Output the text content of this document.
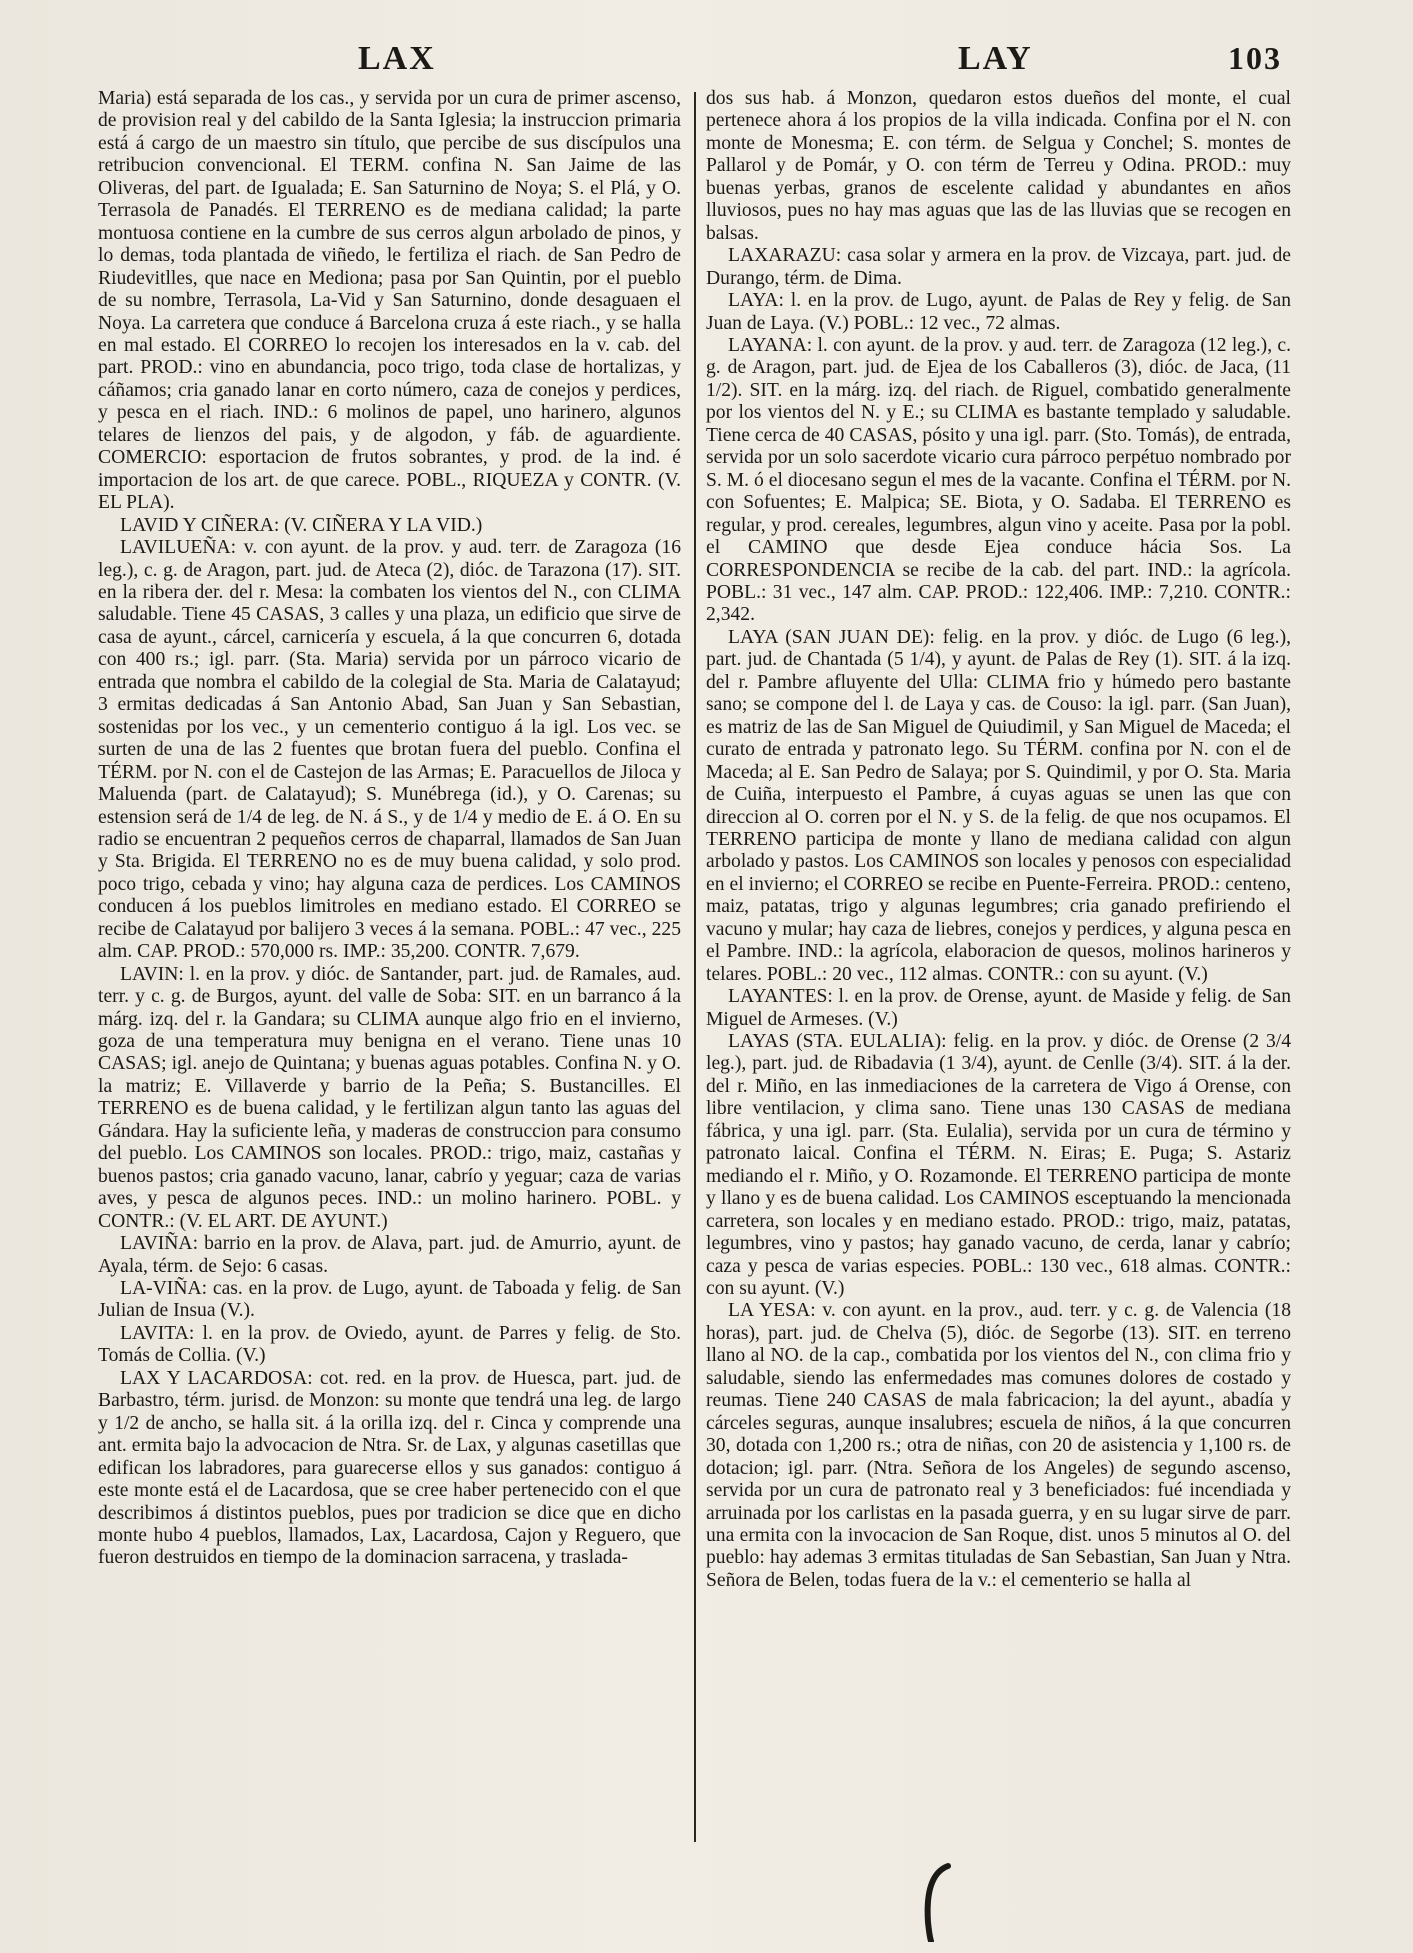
LAX	LAY	103

Maria) está separada de los cas., y servida por un cura de primer ascenso, de provision real y del cabildo de la Santa Iglesia; la instruccion primaria está á cargo de un maestro sin título, que percibe de sus discípulos una retribucion convencional. El TERM. confina N. San Jaime de las Oliveras, del part. de Igualada; E. San Saturnino de Noya; S. el Plá, y O. Terrasola de Panadés. El TERRENO es de mediana calidad; la parte montuosa contiene en la cumbre de sus cerros algun arbolado de pinos, y lo demas, toda plantada de viñedo, le fertiliza el riach. de San Pedro de Riudevitlles, que nace en Mediona; pasa por San Quintin, por el pueblo de su nombre, Terrasola, La-Vid y San Saturnino, donde desaguaen el Noya. La carretera que conduce á Barcelona cruza á este riach., y se halla en mal estado. El CORREO lo recojen los interesados en la v. cab. del part. PROD.: vino en abundancia, poco trigo, toda clase de hortalizas, y cáñamos; cria ganado lanar en corto número, caza de conejos y perdices, y pesca en el riach. IND.: 6 molinos de papel, uno harinero, algunos telares de lienzos del pais, y de algodon, y fáb. de aguardiente. COMERCIO: esportacion de frutos sobrantes, y prod. de la ind. é importacion de los art. de que carece. POBL., RIQUEZA y CONTR. (V. EL PLA).

LAVID Y CIÑERA: (V. CIÑERA Y LA VID.)

LAVILUEÑA: v. con ayunt. de la prov. y aud. terr. de Zaragoza (16 leg.), c. g. de Aragon, part. jud. de Ateca (2), dióc. de Tarazona (17). SIT. en la ribera der. del r. Mesa: la combaten los vientos del N., con CLIMA saludable. Tiene 45 CASAS, 3 calles y una plaza, un edificio que sirve de casa de ayunt., cárcel, carnicería y escuela, á la que concurren 6, dotada con 400 rs.; igl. parr. (Sta. Maria) servida por un párroco vicario de entrada que nombra el cabildo de la colegial de Sta. Maria de Calatayud; 3 ermitas dedicadas á San Antonio Abad, San Juan y San Sebastian, sostenidas por los vec., y un cementerio contiguo á la igl. Los vec. se surten de una de las 2 fuentes que brotan fuera del pueblo. Confina el TÉRM. por N. con el de Castejon de las Armas; E. Paracuellos de Jiloca y Maluenda (part. de Calatayud); S. Munébrega (id.), y O. Carenas; su estension será de 1/4 de leg. de N. á S., y de 1/4 y medio de E. á O. En su radio se encuentran 2 pequeños cerros de chaparral, llamados de San Juan y Sta. Brigida. El TERRENO no es de muy buena calidad, y solo prod. poco trigo, cebada y vino; hay alguna caza de perdices. Los CAMINOS conducen á los pueblos limitroles en mediano estado. El CORREO se recibe de Calatayud por balijero 3 veces á la semana. POBL.: 47 vec., 225 alm. CAP. PROD.: 570,000 rs. IMP.: 35,200. CONTR. 7,679.

LAVIN: l. en la prov. y dióc. de Santander, part. jud. de Ramales, aud. terr. y c. g. de Burgos, ayunt. del valle de Soba: SIT. en un barranco á la márg. izq. del r. la Gandara; su CLIMA aunque algo frio en el invierno, goza de una temperatura muy benigna en el verano. Tiene unas 10 CASAS; igl. anejo de Quintana; y buenas aguas potables. Confina N. y O. la matriz; E. Villaverde y barrio de la Peña; S. Bustancilles. El TERRENO es de buena calidad, y le fertilizan algun tanto las aguas del Gándara. Hay la suficiente leña, y maderas de construccion para consumo del pueblo. Los CAMINOS son locales. PROD.: trigo, maiz, castañas y buenos pastos; cria ganado vacuno, lanar, cabrío y yeguar; caza de varias aves, y pesca de algunos peces. IND.: un molino harinero. POBL. y CONTR.: (V. EL ART. DE AYUNT.)

LAVIÑA: barrio en la prov. de Alava, part. jud. de Amurrio, ayunt. de Ayala, térm. de Sejo: 6 casas.

LA-VIÑA: cas. en la prov. de Lugo, ayunt. de Taboada y felig. de San Julian de Insua (V.).

LAVITA: l. en la prov. de Oviedo, ayunt. de Parres y felig. de Sto. Tomás de Collia. (V.)

LAX Y LACARDOSA: cot. red. en la prov. de Huesca, part. jud. de Barbastro, térm. jurisd. de Monzon: su monte que tendrá una leg. de largo y 1/2 de ancho, se halla sit. á la orilla izq. del r. Cinca y comprende una ant. ermita bajo la advocacion de Ntra. Sr. de Lax, y algunas casetillas que edifican los labradores, para guarecerse ellos y sus ganados: contiguo á este monte está el de Lacardosa, que se cree haber pertenecido con el que describimos á distintos pueblos, pues por tradicion se dice que en dicho monte hubo 4 pueblos, llamados, Lax, Lacardosa, Cajon y Reguero, que fueron destruidos en tiempo de la dominacion sarracena, y traslada-

dos sus hab. á Monzon, quedaron estos dueños del monte, el cual pertenece ahora á los propios de la villa indicada. Confina por el N. con monte de Monesma; E. con térm. de Selgua y Conchel; S. montes de Pallarol y de Pomár, y O. con térm de Terreu y Odina. PROD.: muy buenas yerbas, granos de escelente calidad y abundantes en años lluviosos, pues no hay mas aguas que las de las lluvias que se recogen en balsas.

LAXARAZU: casa solar y armera en la prov. de Vizcaya, part. jud. de Durango, térm. de Dima.

LAYA: l. en la prov. de Lugo, ayunt. de Palas de Rey y felig. de San Juan de Laya. (V.) POBL.: 12 vec., 72 almas.

LAYANA: l. con ayunt. de la prov. y aud. terr. de Zaragoza (12 leg.), c. g. de Aragon, part. jud. de Ejea de los Caballeros (3), dióc. de Jaca, (11 1/2). SIT. en la márg. izq. del riach. de Riguel, combatido generalmente por los vientos del N. y E.; su CLIMA es bastante templado y saludable. Tiene cerca de 40 CASAS, pósito y una igl. parr. (Sto. Tomás), de entrada, servida por un solo sacerdote vicario cura párroco perpétuo nombrado por S. M. ó el diocesano segun el mes de la vacante. Confina el TÉRM. por N. con Sofuentes; E. Malpica; SE. Biota, y O. Sadaba. El TERRENO es regular, y prod. cereales, legumbres, algun vino y aceite. Pasa por la pobl. el CAMINO que desde Ejea conduce hácia Sos. La CORRESPONDENCIA se recibe de la cab. del part. IND.: la agrícola. POBL.: 31 vec., 147 alm. CAP. PROD.: 122,406. IMP.: 7,210. CONTR.: 2,342.

LAYA (SAN JUAN DE): felig. en la prov. y dióc. de Lugo (6 leg.), part. jud. de Chantada (5 1/4), y ayunt. de Palas de Rey (1). SIT. á la izq. del r. Pambre afluyente del Ulla: CLIMA frio y húmedo pero bastante sano; se compone del l. de Laya y cas. de Couso: la igl. parr. (San Juan), es matriz de las de San Miguel de Quiudimil, y San Miguel de Maceda; el curato de entrada y patronato lego. Su TÉRM. confina por N. con el de Maceda; al E. San Pedro de Salaya; por S. Quindimil, y por O. Sta. Maria de Cuiña, interpuesto el Pambre, á cuyas aguas se unen las que con direccion al O. corren por el N. y S. de la felig. de que nos ocupamos. El TERRENO participa de monte y llano de mediana calidad con algun arbolado y pastos. Los CAMINOS son locales y penosos con especialidad en el invierno; el CORREO se recibe en Puente-Ferreira. PROD.: centeno, maiz, patatas, trigo y algunas legumbres; cria ganado prefiriendo el vacuno y mular; hay caza de liebres, conejos y perdices, y alguna pesca en el Pambre. IND.: la agrícola, elaboracion de quesos, molinos harineros y telares. POBL.: 20 vec., 112 almas. CONTR.: con su ayunt. (V.)

LAYANTES: l. en la prov. de Orense, ayunt. de Maside y felig. de San Miguel de Armeses. (V.)

LAYAS (STA. EULALIA): felig. en la prov. y dióc. de Orense (2 3/4 leg.), part. jud. de Ribadavia (1 3/4), ayunt. de Cenlle (3/4). SIT. á la der. del r. Miño, en las inmediaciones de la carretera de Vigo á Orense, con libre ventilacion, y clima sano. Tiene unas 130 CASAS de mediana fábrica, y una igl. parr. (Sta. Eulalia), servida por un cura de término y patronato laical. Confina el TÉRM. N. Eiras; E. Puga; S. Astariz mediando el r. Miño, y O. Rozamonde. El TERRENO participa de monte y llano y es de buena calidad. Los CAMINOS esceptuando la mencionada carretera, son locales y en mediano estado. PROD.: trigo, maiz, patatas, legumbres, vino y pastos; hay ganado vacuno, de cerda, lanar y cabrío; caza y pesca de varias especies. POBL.: 130 vec., 618 almas. CONTR.: con su ayunt. (V.)

LA YESA: v. con ayunt. en la prov., aud. terr. y c. g. de Valencia (18 horas), part. jud. de Chelva (5), dióc. de Segorbe (13). SIT. en terreno llano al NO. de la cap., combatida por los vientos del N., con clima frio y saludable, siendo las enfermedades mas comunes dolores de costado y reumas. Tiene 240 CASAS de mala fabricacion; la del ayunt., abadía y cárceles seguras, aunque insalubres; escuela de niños, á la que concurren 30, dotada con 1,200 rs.; otra de niñas, con 20 de asistencia y 1,100 rs. de dotacion; igl. parr. (Ntra. Señora de los Angeles) de segundo ascenso, servida por un cura de patronato real y 3 beneficiados: fué incendiada y arruinada por los carlistas en la pasada guerra, y en su lugar sirve de parr. una ermita con la invocacion de San Roque, dist. unos 5 minutos al O. del pueblo: hay ademas 3 ermitas tituladas de San Sebastian, San Juan y Ntra. Señora de Belen, todas fuera de la v.: el cementerio se halla al
